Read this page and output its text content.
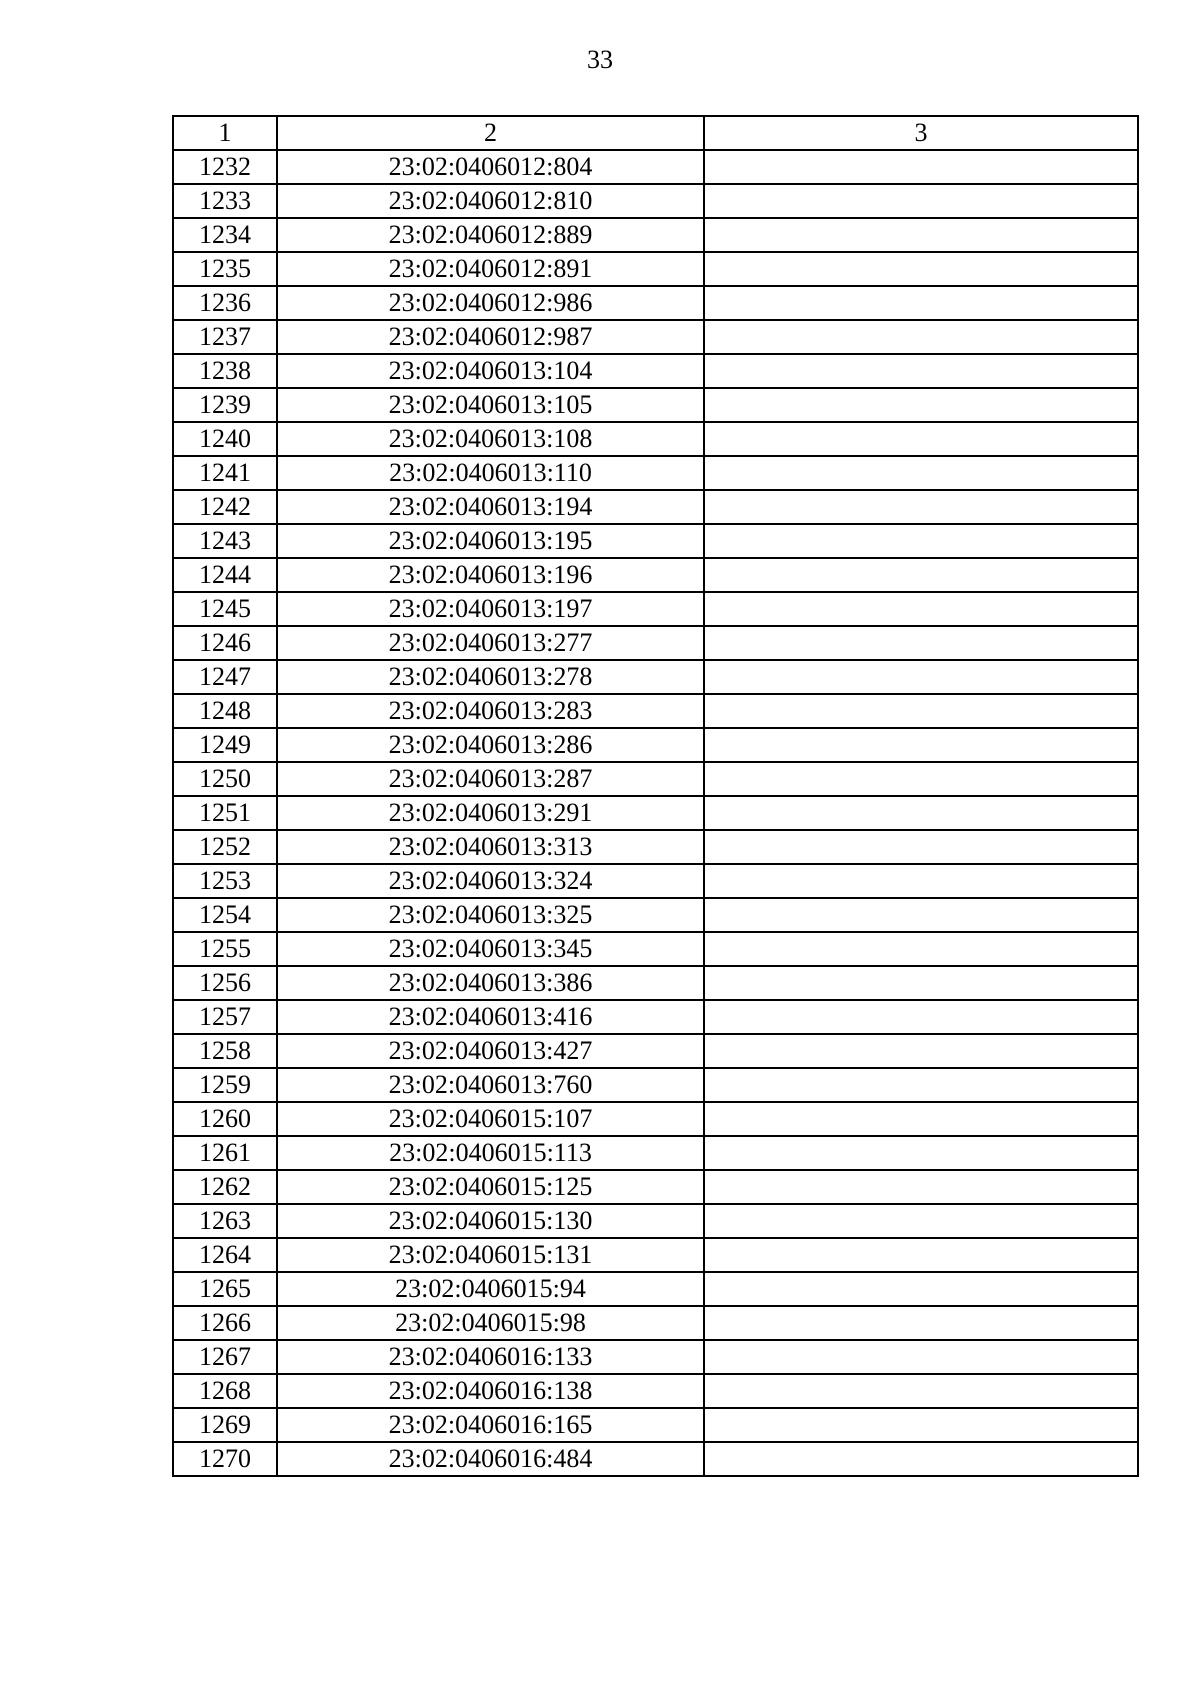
33
1	2	3
1232	23:02:0406012:804	
1233	23:02:0406012:810	
1234	23:02:0406012:889	
1235	23:02:0406012:891	
1236	23:02:0406012:986	
1237	23:02:0406012:987	
1238	23:02:0406013:104	
1239	23:02:0406013:105	
1240	23:02:0406013:108	
1241	23:02:0406013:110	
1242	23:02:0406013:194	
1243	23:02:0406013:195	
1244	23:02:0406013:196	
1245	23:02:0406013:197	
1246	23:02:0406013:277	
1247	23:02:0406013:278	
1248	23:02:0406013:283	
1249	23:02:0406013:286	
1250	23:02:0406013:287	
1251	23:02:0406013:291	
1252	23:02:0406013:313	
1253	23:02:0406013:324	
1254	23:02:0406013:325	
1255	23:02:0406013:345	
1256	23:02:0406013:386	
1257	23:02:0406013:416	
1258	23:02:0406013:427	
1259	23:02:0406013:760	
1260	23:02:0406015:107	
1261	23:02:0406015:113	
1262	23:02:0406015:125	
1263	23:02:0406015:130	
1264	23:02:0406015:131	
1265	23:02:0406015:94	
1266	23:02:0406015:98	
1267	23:02:0406016:133	
1268	23:02:0406016:138	
1269	23:02:0406016:165	
1270	23:02:0406016:484	
